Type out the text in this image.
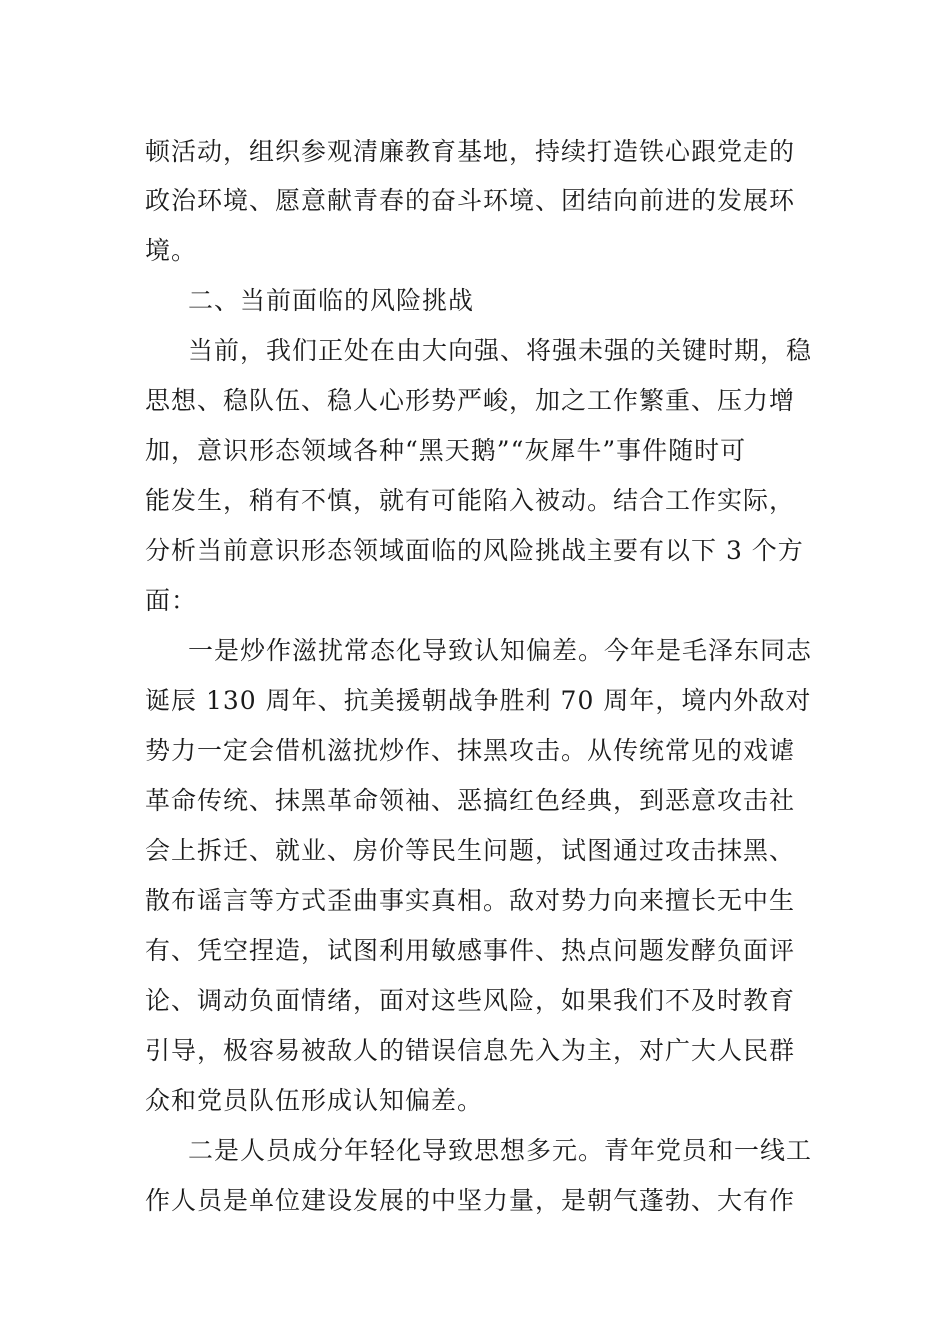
顿活动，组织参观清廉教育基地，持续打造铁心跟党走的
政治环境、愿意献青春的奋斗环境、团结向前进的发展环
境。
二、当前面临的风险挑战
当前，我们正处在由大向强、将强未强的关键时期，稳
思想、稳队伍、稳人心形势严峻，加之工作繁重、压力增
加，意识形态领域各种“黑天鹅”“灰犀牛”事件随时可
能发生，稍有不慎，就有可能陷入被动。结合工作实际，
分析当前意识形态领域面临的风险挑战主要有以下 3 个方
面：
一是炒作滋扰常态化导致认知偏差。今年是毛泽东同志
诞辰 130 周年、抗美援朝战争胜利 70 周年，境内外敌对
势力一定会借机滋扰炒作、抹黑攻击。从传统常见的戏谑
革命传统、抹黑革命领袖、恶搞红色经典，到恶意攻击社
会上拆迁、就业、房价等民生问题，试图通过攻击抹黑、
散布谣言等方式歪曲事实真相。敌对势力向来擅长无中生
有、凭空捏造，试图利用敏感事件、热点问题发酵负面评
论、调动负面情绪，面对这些风险，如果我们不及时教育
引导，极容易被敌人的错误信息先入为主，对广大人民群
众和党员队伍形成认知偏差。
二是人员成分年轻化导致思想多元。青年党员和一线工
作人员是单位建设发展的中坚力量，是朝气蓬勃、大有作
